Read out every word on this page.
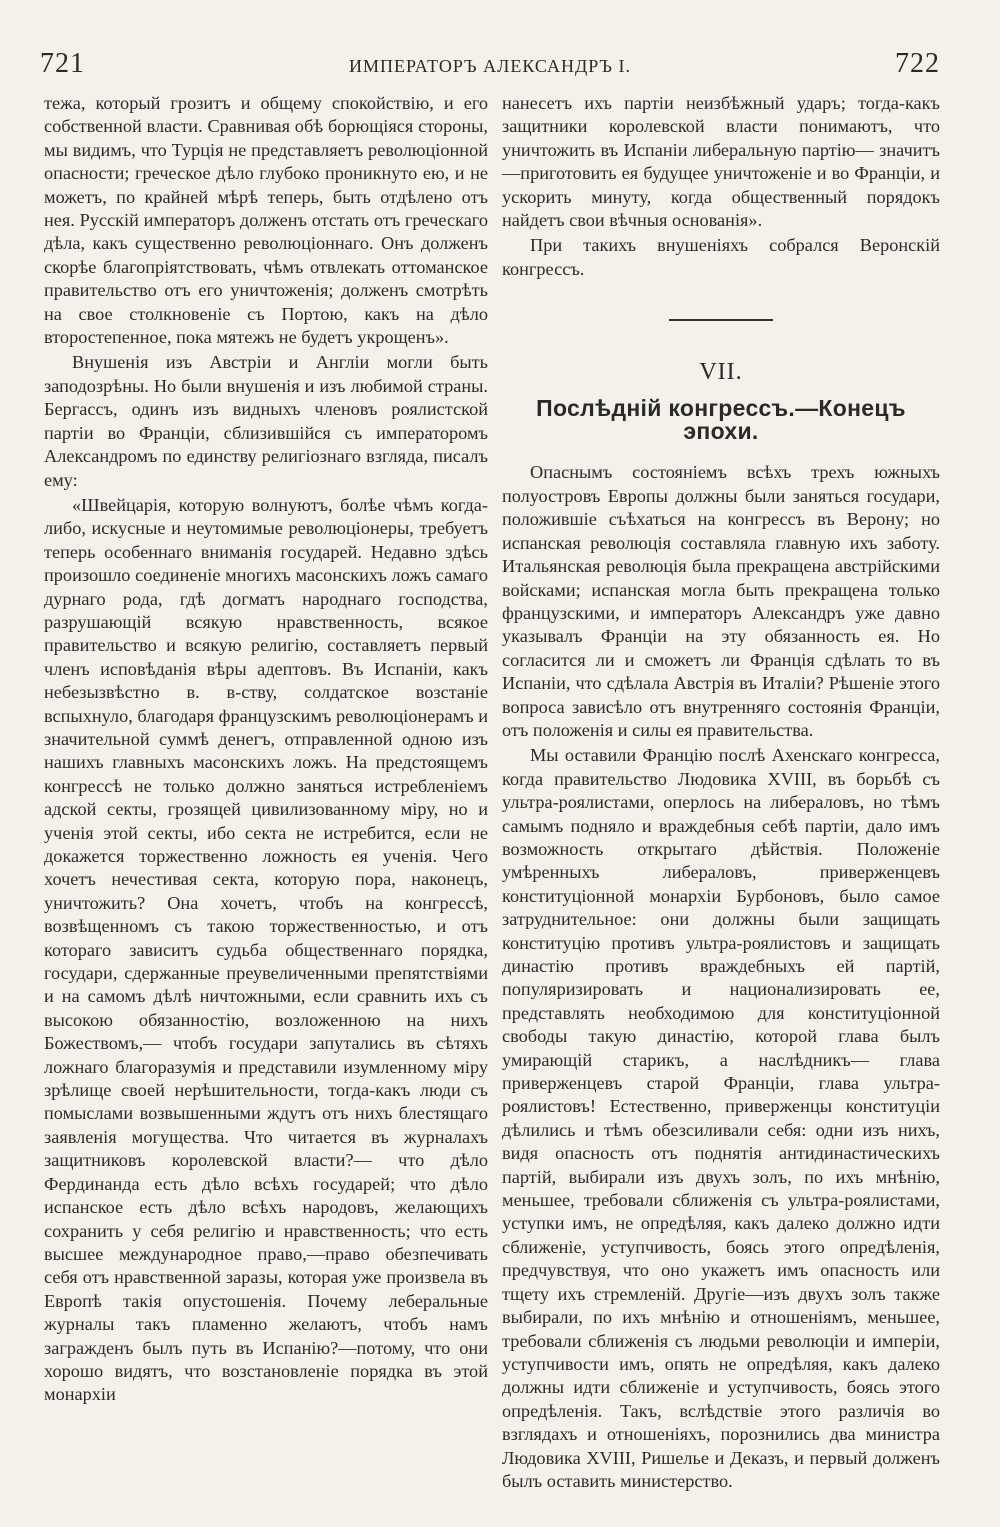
721	ИМПЕРАТОРЪ АЛЕКСАНДРЪ I.	722

тежа, который грозитъ и общему спокойствію, и его собственной власти. Сравнивая обѣ борющіяся стороны, мы видимъ, что Турція не представляетъ революціонной опасности; греческое дѣло глубоко проникнуто ею, и не можетъ, по крайней мѣрѣ теперь, быть отдѣлено отъ нея. Русскій императоръ долженъ отстать отъ греческаго дѣла, какъ существенно революціоннаго. Онъ долженъ скорѣе благопріятствовать, чѣмъ отвлекать оттоманское правительство отъ его уничтоженія; долженъ смотрѣть на свое столкновеніе съ Портою, какъ на дѣло второстепенное, пока мятежъ не будетъ укрощенъ».

Внушенія изъ Австріи и Англіи могли быть заподозрѣны. Но были внушенія и изъ любимой страны. Бергассъ, одинъ изъ видныхъ членовъ роялистской партіи во Франціи, сблизившійся съ императоромъ Александромъ по единству религіознаго взгляда, писалъ ему:

«Швейцарія, которую волнуютъ, болѣе чѣмъ когда-либо, искусные и неутомимые революціонеры, требуетъ теперь особеннаго вниманія государей. Недавно здѣсь произошло соединеніе многихъ масонскихъ ложъ самаго дурнаго рода, гдѣ догматъ народнаго господства, разрушающій всякую нравственность, всякое правительство и всякую религію, составляетъ первый членъ исповѣданія вѣры адептовъ. Въ Испаніи, какъ небезызвѣстно в. в-ству, солдатское возстаніе вспыхнуло, благодаря французскимъ революціонерамъ и значительной суммѣ денегъ, отправленной одною изъ нашихъ главныхъ масонскихъ ложъ. На предстоящемъ конгрессѣ не только должно заняться истребленіемъ адской секты, грозящей цивилизованному міру, но и ученія этой секты, ибо секта не истребится, если не докажется торжественно ложность ея ученія. Чего хочетъ нечестивая секта, которую пора, наконецъ, уничтожить? Она хочетъ, чтобъ на конгрессѣ, возвѣщенномъ съ такою торжественностью, и отъ котораго зависитъ судьба общественнаго порядка, государи, сдержанные преувеличенными препятствіями и на самомъ дѣлѣ ничтожными, если сравнить ихъ съ высокою обязанностію, возложенною на нихъ Божествомъ,— чтобъ государи запутались въ сѣтяхъ ложнаго благоразумія и представили изумленному міру зрѣлище своей нерѣшительности, тогда-какъ люди съ помыслами возвышенными ждутъ отъ нихъ блестящаго заявленія могущества. Что читается въ журналахъ защитниковъ королевской власти?— что дѣло Фердинанда есть дѣло всѣхъ государей; что дѣло испанское есть дѣло всѣхъ народовъ, желающихъ сохранить у себя религію и нравственность; что есть высшее международное право,—право обезпечивать себя отъ нравственной заразы, которая уже произвела въ Европѣ такія опустошенія. Почему леберальные журналы такъ пламенно желаютъ, чтобъ намъ загражденъ былъ путь въ Испанію?—потому, что они хорошо видятъ, что возстановленіе порядка въ этой монархіи

нанесетъ ихъ партіи неизбѣжный ударъ; тогда-какъ защитники королевской власти понимаютъ, что уничтожить въ Испаніи либеральную партію— значитъ—приготовить ея будущее уничтоженіе и во Франціи, и ускорить минуту, когда общественный порядокъ найдетъ свои вѣчныя основанія».

При такихъ внушеніяхъ собрался Веронскій конгрессъ.

VII.
Послѣдній конгрессъ.—Конецъ эпохи.

Опаснымъ состояніемъ всѣхъ трехъ южныхъ полуостровъ Европы должны были заняться государи, положившіе съѣхаться на конгрессъ въ Верону; но испанская революція составляла главную ихъ заботу. Итальянская революція была прекращена австрійскими войсками; испанская могла быть прекращена только французскими, и императоръ Александръ уже давно указывалъ Франціи на эту обязанность ея. Но согласится ли и сможетъ ли Франція сдѣлать то въ Испаніи, что сдѣлала Австрія въ Италіи? Рѣшеніе этого вопроса зависѣло отъ внутренняго состоянія Франціи, отъ положенія и силы ея правительства.

Мы оставили Францію послѣ Ахенскаго конгресса, когда правительство Людовика XVIII, въ борьбѣ съ ультра-роялистами, оперлось на либераловъ, но тѣмъ самымъ подняло и враждебныя себѣ партіи, дало имъ возможность открытаго дѣйствія. Положеніе умѣренныхъ либераловъ, приверженцевъ конституціонной монархіи Бурбоновъ, было самое затруднительное: они должны были защищать конституцію противъ ультра-роялистовъ и защищать династію противъ враждебныхъ ей партій, популяризировать и национализировать ее, представлять необходимою для конституціонной свободы такую династію, которой глава былъ умирающій старикъ, а наслѣдникъ— глава приверженцевъ старой Франціи, глава ультра-роялистовъ! Естественно, приверженцы конституціи дѣлились и тѣмъ обезсиливали себя: одни изъ нихъ, видя опасность отъ поднятія антидинастическихъ партій, выбирали изъ двухъ золъ, по ихъ мнѣнію, меньшее, требовали сближенія съ ультра-роялистами, уступки имъ, не опредѣляя, какъ далеко должно идти сближеніе, уступчивость, боясь этого опредѣленія, предчувствуя, что оно укажетъ имъ опасность или тщету ихъ стремленій. Другіе—изъ двухъ золъ также выбирали, по ихъ мнѣнію и отношеніямъ, меньшее, требовали сближенія съ людьми революціи и имперіи, уступчивости имъ, опять не опредѣляя, какъ далеко должны идти сближеніе и уступчивость, боясь этого опредѣленія. Такъ, вслѣдствіе этого различія во взглядахъ и отношеніяхъ, порознились два министра Людовика XVIII, Ришелье и Деказъ, и первый долженъ былъ оставить министерство.
